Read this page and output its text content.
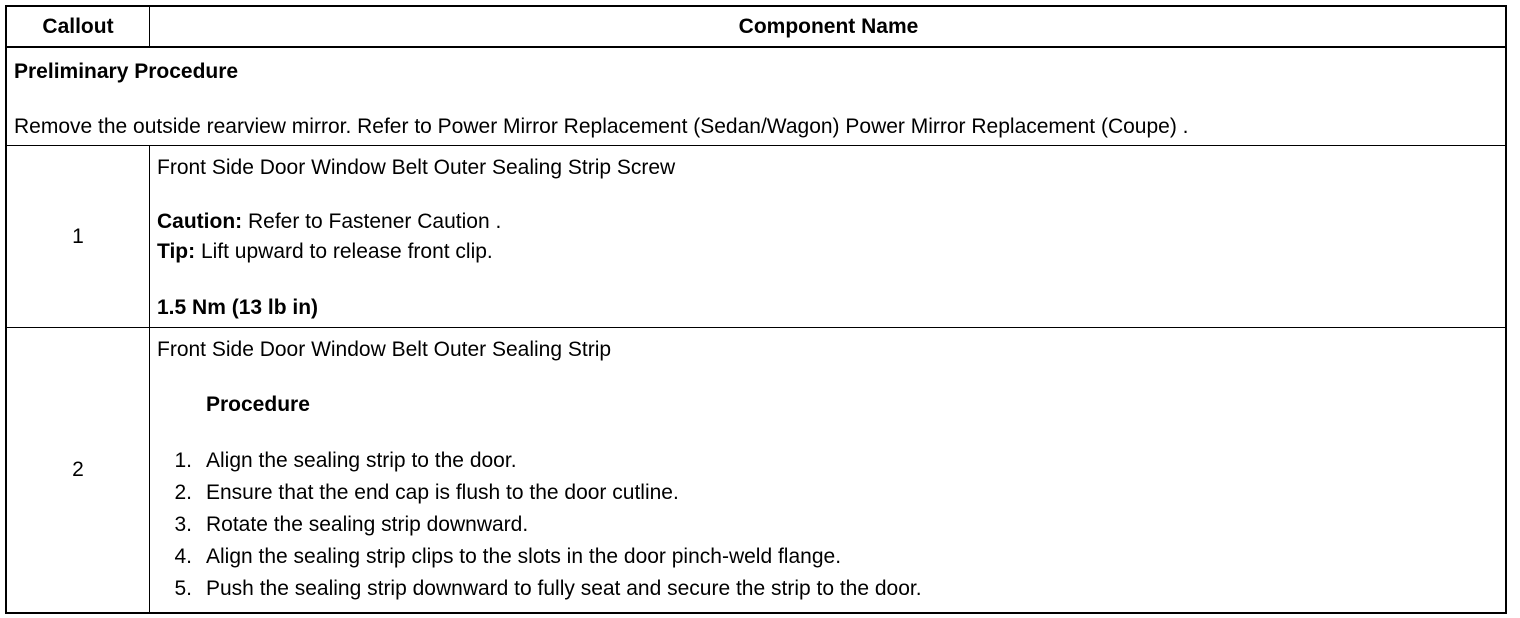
Callout	Component Name
1
Front Side Door Window Belt Outer Sealing Strip Screw
Caution: Refer to Fastener Caution .
Tip: Lift upward to release front clip.
1.5 Nm (13 lb in)
2
Front Side Door Window Belt Outer Sealing Strip
Procedure
1. Align the sealing strip to the door.
2. Ensure that the end cap is flush to the door cutline.
3. Rotate the sealing strip downward.
4. Align the sealing strip clips to the slots in the door pinch-weld flange.
5. Push the sealing strip downward to fully seat and secure the strip to the door.
Preliminary Procedure
Remove the outside rearview mirror. Refer to Power Mirror Replacement (Sedan/Wagon) Power Mirror Replacement (Coupe) .
